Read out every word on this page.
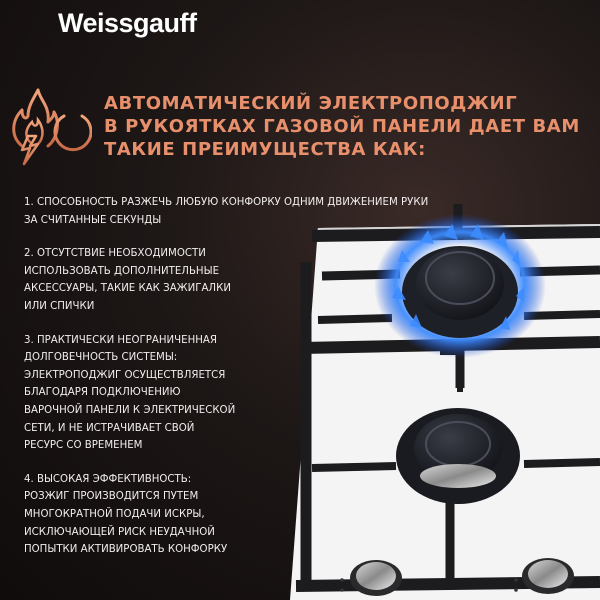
Weissgauff
АВТОМАТИЧЕСКИЙ ЭЛЕКТРОПОДЖИГ
В РУКОЯТКАХ ГАЗОВОЙ ПАНЕЛИ ДАЕТ ВАМ
ТАКИЕ ПРЕИМУЩЕСТВА КАК:
1. СПОСОБНОСТЬ РАЗЖЕЧЬ ЛЮБУЮ КОНФОРКУ ОДНИМ ДВИЖЕНИЕМ РУКИ
ЗА СЧИТАННЫЕ СЕКУНДЫ
2. ОТСУТСТВИЕ НЕОБХОДИМОСТИ
ИСПОЛЬЗОВАТЬ ДОПОЛНИТЕЛЬНЫЕ
АКСЕССУАРЫ, ТАКИЕ КАК ЗАЖИГАЛКИ
ИЛИ СПИЧКИ
3. ПРАКТИЧЕСКИ НЕОГРАНИЧЕННАЯ
ДОЛГОВЕЧНОСТЬ СИСТЕМЫ:
ЭЛЕКТРОПОДЖИГ ОСУЩЕСТВЛЯЕТСЯ
БЛАГОДАРЯ ПОДКЛЮЧЕНИЮ
ВАРОЧНОЙ ПАНЕЛИ К ЭЛЕКТРИЧЕСКОЙ
СЕТИ, И НЕ ИСТРАЧИВАЕТ СВОЙ
РЕСУРС СО ВРЕМЕНЕМ
4. ВЫСОКАЯ ЭФФЕКТИВНОСТЬ:
РОЗЖИГ ПРОИЗВОДИТСЯ ПУТЕМ
МНОГОКРАТНОЙ ПОДАЧИ ИСКРЫ,
ИСКЛЮЧАЮЩЕЙ РИСК НЕУДАЧНОЙ
ПОПЫТКИ АКТИВИРОВАТЬ КОНФОРКУ
